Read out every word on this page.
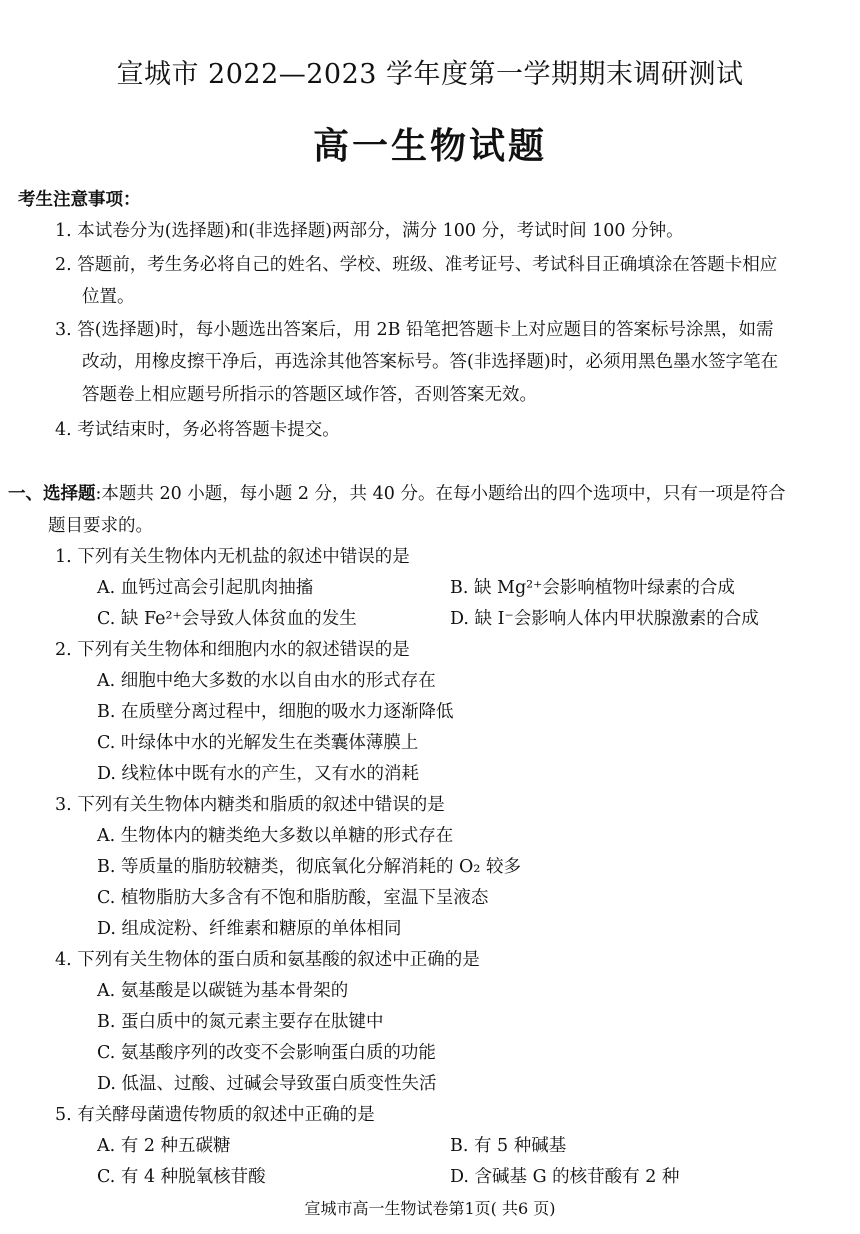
宣城市 2022—2023 学年度第一学期期末调研测试
高一生物试题
考生注意事项：
1. 本试卷分为(选择题)和(非选择题)两部分，满分 100 分，考试时间 100 分钟。
2. 答题前，考生务必将自己的姓名、学校、班级、准考证号、考试科目正确填涂在答题卡相应
位置。
3. 答(选择题)时，每小题选出答案后，用 2B 铅笔把答题卡上对应题目的答案标号涂黑，如需
改动，用橡皮擦干净后，再选涂其他答案标号。答(非选择题)时，必须用黑色墨水签字笔在
答题卷上相应题号所指示的答题区域作答，否则答案无效。
4. 考试结束时，务必将答题卡提交。
一、选择题:本题共 20 小题，每小题 2 分，共 40 分。在每小题给出的四个选项中，只有一项是符合
题目要求的。
1. 下列有关生物体内无机盐的叙述中错误的是
A. 血钙过高会引起肌肉抽搐	B. 缺 Mg²⁺会影响植物叶绿素的合成
C. 缺 Fe²⁺会导致人体贫血的发生	D. 缺 I⁻会影响人体内甲状腺激素的合成
2. 下列有关生物体和细胞内水的叙述错误的是
A. 细胞中绝大多数的水以自由水的形式存在
B. 在质壁分离过程中，细胞的吸水力逐渐降低
C. 叶绿体中水的光解发生在类囊体薄膜上
D. 线粒体中既有水的产生，又有水的消耗
3. 下列有关生物体内糖类和脂质的叙述中错误的是
A. 生物体内的糖类绝大多数以单糖的形式存在
B. 等质量的脂肪较糖类，彻底氧化分解消耗的 O₂ 较多
C. 植物脂肪大多含有不饱和脂肪酸，室温下呈液态
D. 组成淀粉、纤维素和糖原的单体相同
4. 下列有关生物体的蛋白质和氨基酸的叙述中正确的是
A. 氨基酸是以碳链为基本骨架的
B. 蛋白质中的氮元素主要存在肽键中
C. 氨基酸序列的改变不会影响蛋白质的功能
D. 低温、过酸、过碱会导致蛋白质变性失活
5. 有关酵母菌遗传物质的叙述中正确的是
A. 有 2 种五碳糖	B. 有 5 种碱基
C. 有 4 种脱氧核苷酸	D. 含碱基 G 的核苷酸有 2 种
宣城市高一生物试卷第1页( 共6 页)
